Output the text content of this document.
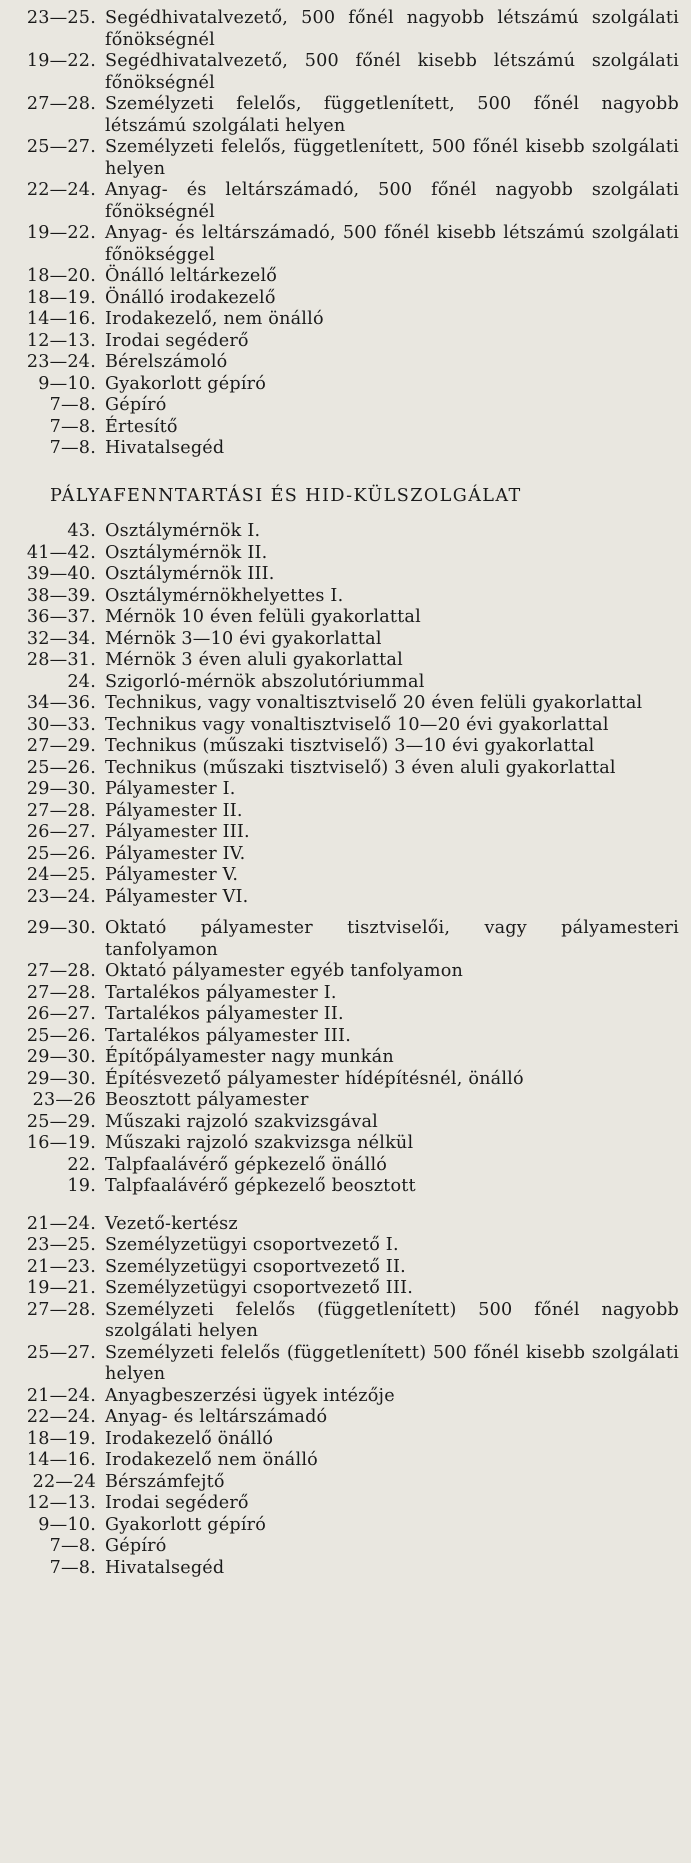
23—25. Segédhivatalvezető, 500 főnél nagyobb létszámú szolgálati főnökségnél
19—22. Segédhivatalvezető, 500 főnél kisebb létszámú szolgálati főnökségnél
27—28. Személyzeti felelős, függetlenített, 500 főnél nagyobb létszámú szolgálati helyen
25—27. Személyzeti felelős, függetlenített, 500 főnél kisebb szolgálati helyen
22—24. Anyag- és leltárszámadó, 500 főnél nagyobb szolgálati főnökségnél
19—22. Anyag- és leltárszámadó, 500 főnél kisebb létszámú szolgálati főnökséggel
18—20. Önálló leltárkezelő
18—19. Önálló irodakezelő
14—16. Irodakezelő, nem önálló
12—13. Irodai segéderő
23—24. Bérelszámoló
9—10. Gyakorlott gépíró
7—8. Gépíró
7—8. Értesítő
7—8. Hivatalsegéd
PÁLYAFENNTARTÁSI ÉS HID-KÜLSZOLGÁLAT
43. Osztálymérnök I.
41—42. Osztálymérnök II.
39—40. Osztálymérnök III.
38—39. Osztálymérnökhelyettes I.
36—37. Mérnök 10 éven felüli gyakorlattal
32—34. Mérnök 3—10 évi gyakorlattal
28—31. Mérnök 3 éven aluli gyakorlattal
24. Szigorló-mérnök abszolutóriummal
34—36. Technikus, vagy vonaltisztviselő 20 éven felüli gyakorlattal
30—33. Technikus vagy vonaltisztviselő 10—20 évi gyakorlattal
27—29. Technikus (műszaki tisztviselő) 3—10 évi gyakorlattal
25—26. Technikus (műszaki tisztviselő) 3 éven aluli gyakorlattal
29—30. Pályamester I.
27—28. Pályamester II.
26—27. Pályamester III.
25—26. Pályamester IV.
24—25. Pályamester V.
23—24. Pályamester VI.
29—30. Oktató pályamester tisztviselői, vagy pályamesteri tanfolyamon
27—28. Oktató pályamester egyéb tanfolyamon
27—28. Tartalékos pályamester I.
26—27. Tartalékos pályamester II.
25—26. Tartalékos pályamester III.
29—30. Építőpályamester nagy munkán
29—30. Építésvezető pályamester hídépítésnél, önálló
23—26 Beosztott pályamester
25—29. Műszaki rajzoló szakvizsgával
16—19. Műszaki rajzoló szakvizsga nélkül
22. Talpfaalávérő gépkezelő önálló
19. Talpfaalávérő gépkezelő beosztott
21—24. Vezető-kertész
23—25. Személyzetügyi csoportvezető I.
21—23. Személyzetügyi csoportvezető II.
19—21. Személyzetügyi csoportvezető III.
27—28. Személyzeti felelős (függetlenített) 500 főnél nagyobb szolgálati helyen
25—27. Személyzeti felelős (függetlenített) 500 főnél kisebb szolgálati helyen
21—24. Anyagbeszerzési ügyek intézője
22—24. Anyag- és leltárszámadó
18—19. Irodakezelő önálló
14—16. Irodakezelő nem önálló
22—24 Bérszámfejtő
12—13. Irodai segéderő
9—10. Gyakorlott gépíró
7—8. Gépíró
7—8. Hivatalsegéd
